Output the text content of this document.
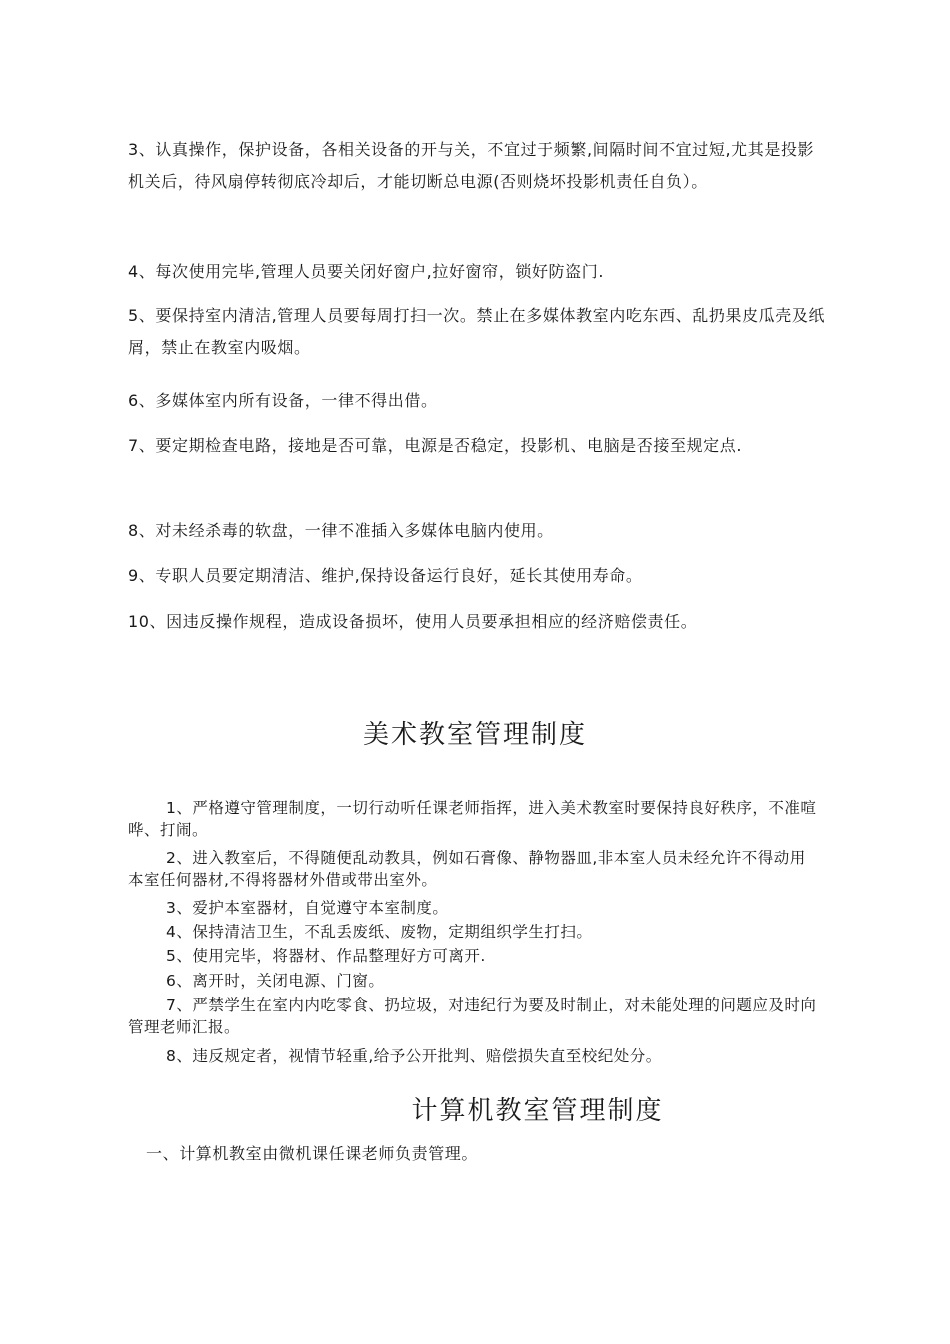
3、认真操作，保护设备，各相关设备的开与关，不宜过于频繁,间隔时间不宜过短,尤其是投影机关后，待风扇停转彻底冷却后，才能切断总电源(否则烧坏投影机责任自负）。

4、每次使用完毕,管理人员要关闭好窗户,拉好窗帘，锁好防盗门.

5、要保持室内清洁,管理人员要每周打扫一次。禁止在多媒体教室内吃东西、乱扔果皮瓜壳及纸屑，禁止在教室内吸烟。

6、多媒体室内所有设备，一律不得出借。

7、要定期检查电路，接地是否可靠，电源是否稳定，投影机、电脑是否接至规定点.

8、对未经杀毒的软盘，一律不准插入多媒体电脑内使用。

9、专职人员要定期清洁、维护,保持设备运行良好，延长其使用寿命。

10、因违反操作规程，造成设备损坏，使用人员要承担相应的经济赔偿责任。

美术教室管理制度

1、严格遵守管理制度，一切行动听任课老师指挥，进入美术教室时要保持良好秩序，不准喧哗、打闹。

2、进入教室后，不得随便乱动教具，例如石膏像、静物器皿,非本室人员未经允许不得动用本室任何器材,不得将器材外借或带出室外。

3、爱护本室器材，自觉遵守本室制度。

4、保持清洁卫生，不乱丢废纸、废物，定期组织学生打扫。

5、使用完毕，将器材、作品整理好方可离开.

6、离开时，关闭电源、门窗。

7、严禁学生在室内内吃零食、扔垃圾，对违纪行为要及时制止，对未能处理的问题应及时向管理老师汇报。

8、违反规定者，视情节轻重,给予公开批判、赔偿损失直至校纪处分。

计算机教室管理制度

一、计算机教室由微机课任课老师负责管理。
